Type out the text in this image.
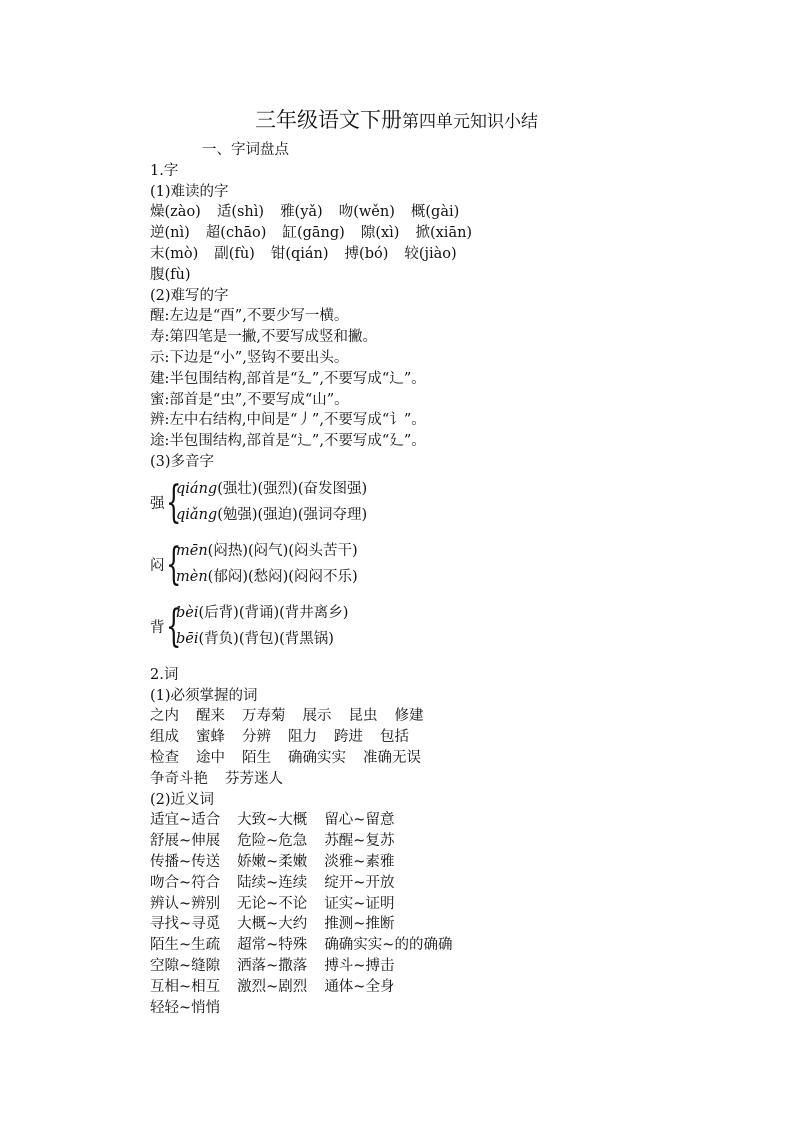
三年级语文下册第四单元知识小结
一、字词盘点
1.字
(1)难读的字
燥(zào) 适(shì) 雅(yǎ) 吻(wěn) 概(gài)
逆(nì) 超(chāo) 缸(gāng) 隙(xì) 掀(xiān)
末(mò) 副(fù) 钳(qián) 搏(bó) 较(jiào)
腹(fù)
(2)难写的字
醒:左边是“酉”,不要少写一横。
寿:第四笔是一撇,不要写成竖和撇。
示:下边是“小”,竖钩不要出头。
建:半包围结构,部首是“廴”,不要写成“辶”。
蜜:部首是“虫”,不要写成“山”。
辨:左中右结构,中间是“丿”,不要写成“讠”。
途:半包围结构,部首是“辶”,不要写成“廴”。
(3)多音字
强 {
qiáng(强壮)(强烈)(奋发图强)
qiǎng(勉强)(强迫)(强词夺理)
闷 {
mēn(闷热)(闷气)(闷头苦干)
mèn(郁闷)(愁闷)(闷闷不乐)
背 {
bèi(后背)(背诵)(背井离乡)
bēi(背负)(背包)(背黑锅)
2.词
(1)必须掌握的词
之内 醒来 万寿菊 展示 昆虫 修建
组成 蜜蜂 分辨 阻力 跨进 包括
检查 途中 陌生 确确实实 准确无误
争奇斗艳 芬芳迷人
(2)近义词
适宜~适合 大致~大概 留心~留意
舒展~伸展 危险~危急 苏醒~复苏
传播~传送 娇嫩~柔嫩 淡雅~素雅
吻合~符合 陆续~连续 绽开~开放
辨认~辨别 无论~不论 证实~证明
寻找~寻觅 大概~大约 推测~推断
陌生~生疏 超常~特殊 确确实实~的的确确
空隙~缝隙 洒落~撒落 搏斗~搏击
互相~相互 激烈~剧烈 通体~全身
轻轻~悄悄
